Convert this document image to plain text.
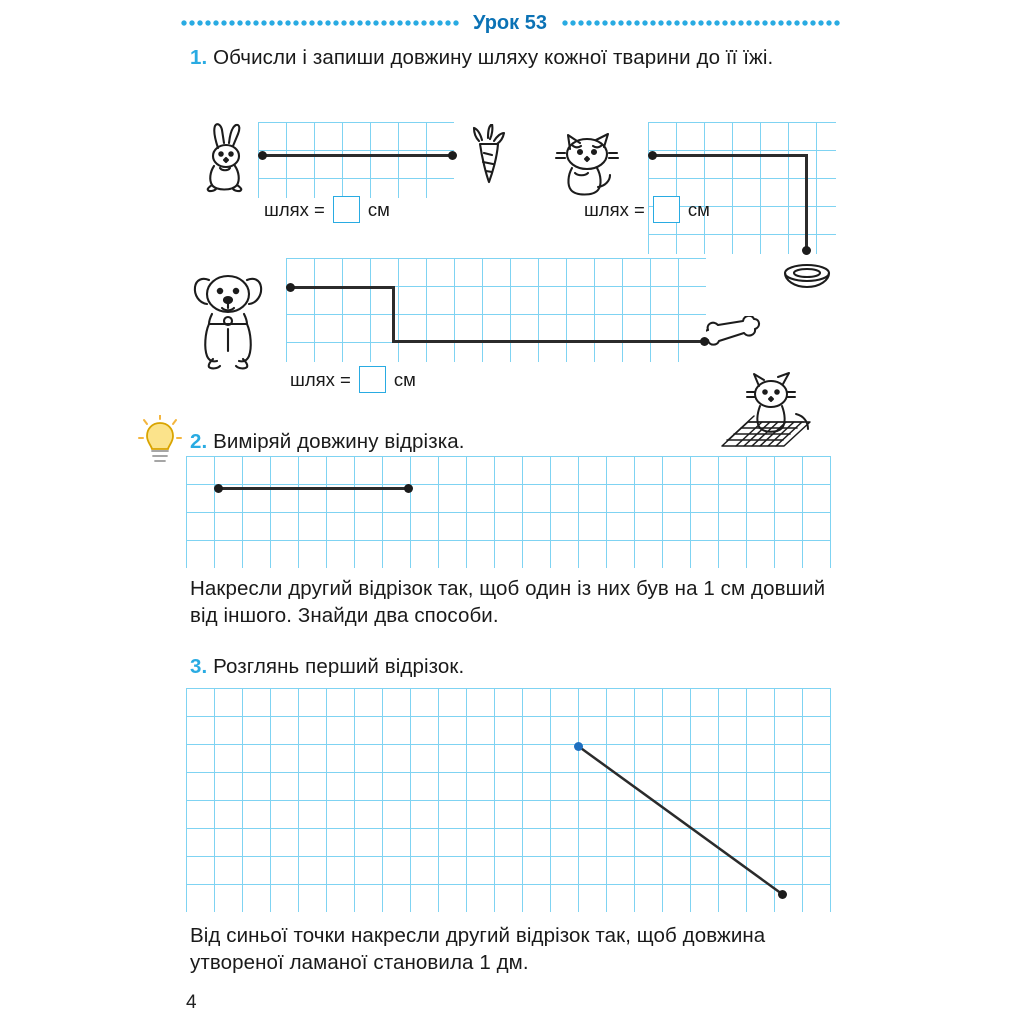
Урок 53
1. Обчисли і запиши довжину шляху кожної тварини до її їжі.
шлях = см	шлях = см
шлях = см
2. Виміряй довжину відрізка.
Накресли другий відрізок так, щоб один із них був на 1 см довший від іншого. Знайди два способи.
3. Розглянь перший відрізок.
Від синьої точки накресли другий відрізок так, щоб довжина утвореної ламаної становила 1 дм.
4
